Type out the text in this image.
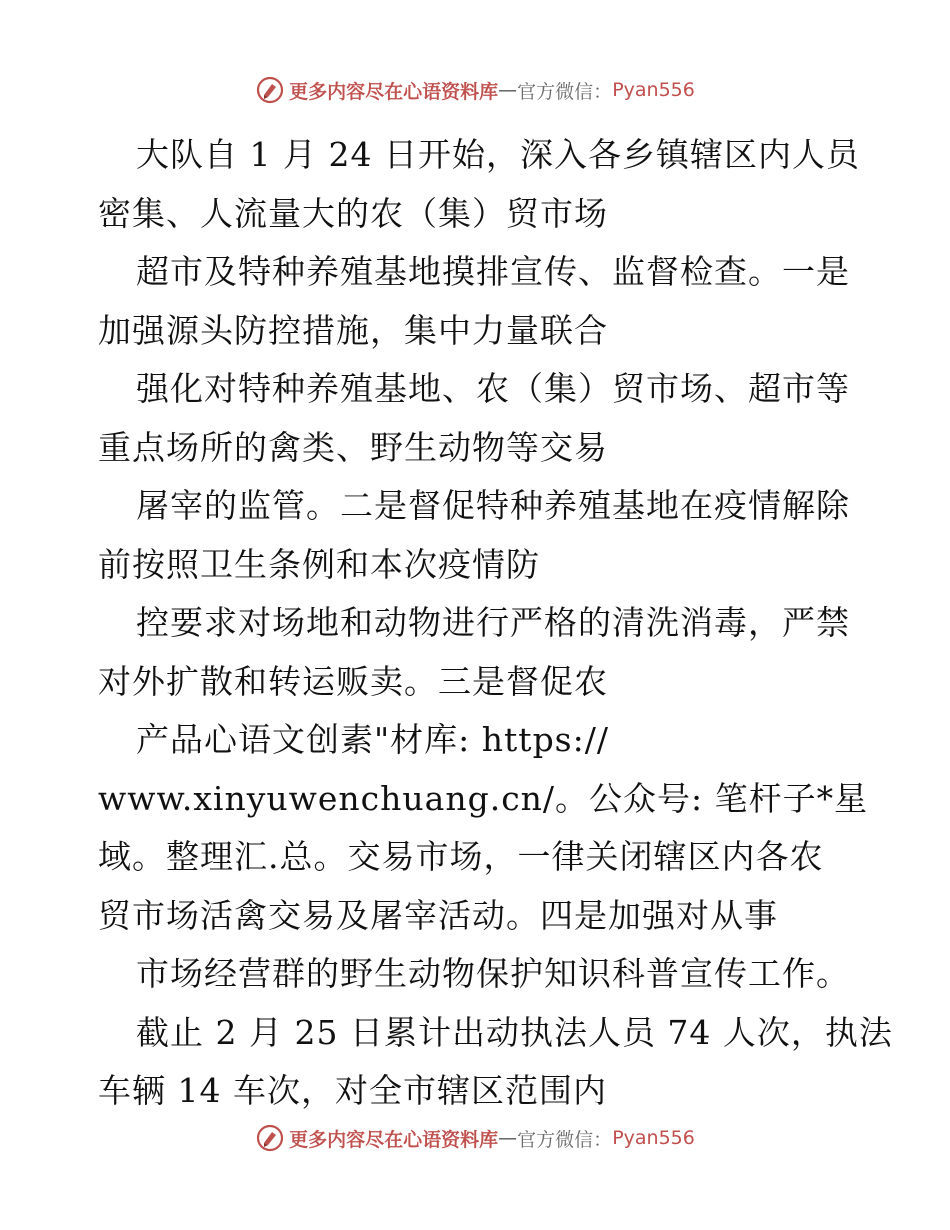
更多内容尽在心语资料库 — 官方微信： Pyan556
大队自 1 月 24 日开始，深入各乡镇辖区内人员
密集、人流量大的农（集）贸市场
超市及特种养殖基地摸排宣传、监督检查。一是
加强源头防控措施，集中力量联合
强化对特种养殖基地、农（集）贸市场、超市等
重点场所的禽类、野生动物等交易
屠宰的监管。二是督促特种养殖基地在疫情解除
前按照卫生条例和本次疫情防
控要求对场地和动物进行严格的清洗消毒，严禁
对外扩散和转运贩卖。三是督促农
产品心语文创素"材库: https://
www.xinyuwenchuang.cn/。公众号: 笔杆子*星
域。整理汇.总。交易市场，一律关闭辖区内各农
贸市场活禽交易及屠宰活动。四是加强对从事
市场经营群的野生动物保护知识科普宣传工作。
截止 2 月 25 日累计出动执法人员 74 人次，执法
车辆 14 车次，对全市辖区范围内
更多内容尽在心语资料库 — 官方微信： Pyan556
